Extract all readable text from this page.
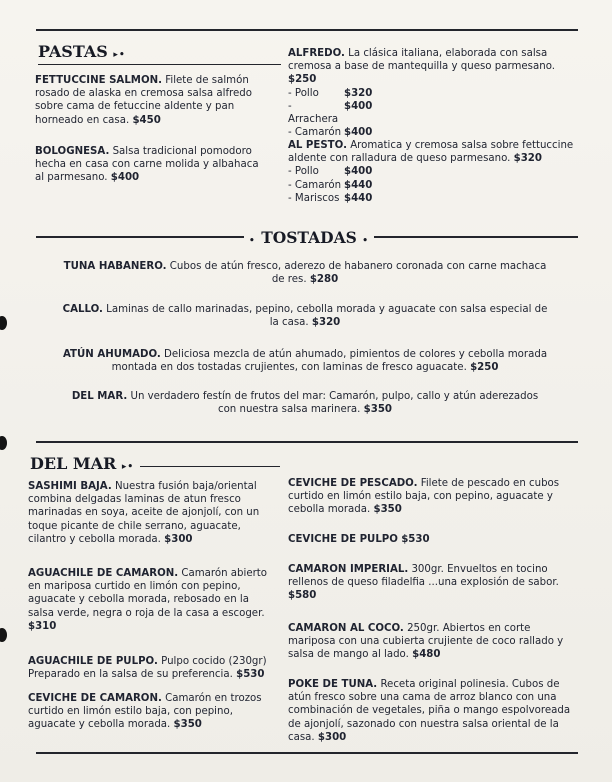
PASTAS ▸•
FETTUCCINE SALMON. Filete de salmón rosado de alaska en cremosa salsa alfredo sobre cama de fetuccine aldente y pan horneado en casa. $450
BOLOGNESA. Salsa tradicional pomodoro hecha en casa con carne molida y albahaca al parmesano. $400
ALFREDO. La clásica italiana, elaborada con salsa cremosa a base de mantequilla y queso parmesano. $250
- Pollo	$320
- Arrachera
$400
- Camarón $400
AL PESTO. Aromatica y cremosa salsa sobre fettuccine aldente con ralladura de queso parmesano. $320
- Pollo	$400
- Camarón $440
- Mariscos $440
• TOSTADAS •
TUNA HABANERO. Cubos de atún fresco, aderezo de habanero coronada con carne machaca de res. $280
CALLO. Laminas de callo marinadas, pepino, cebolla morada y aguacate con salsa especial de la casa. $320
ATÚN AHUMADO. Deliciosa mezcla de atún ahumado, pimientos de colores y cebolla morada montada en dos tostadas crujientes, con laminas de fresco aguacate. $250
DEL MAR. Un verdadero festín de frutos del mar: Camarón, pulpo, callo y atún aderezados con nuestra salsa marinera. $350
DEL MAR ▸•
SASHIMI BAJA. Nuestra fusión baja/oriental combina delgadas laminas de atun fresco marinadas en soya, aceite de ajonjolí, con un toque picante de chile serrano, aguacate, cilantro y cebolla morada. $300
AGUACHILE DE CAMARON. Camarón abierto en mariposa curtido en limón con pepino, aguacate y cebolla morada, rebosado en la salsa verde, negra o roja de la casa a escoger. $310
AGUACHILE DE PULPO. Pulpo cocido (230gr) Preparado en la salsa de su preferencia. $530
CEVICHE DE CAMARON. Camarón en trozos curtido en limón estilo baja, con pepino, aguacate y cebolla morada. $350
CEVICHE DE PESCADO. Filete de pescado en cubos curtido en limón estilo baja, con pepino, aguacate y cebolla morada. $350
CEVICHE DE PULPO $530
CAMARON IMPERIAL. 300gr. Envueltos en tocino rellenos de queso filadelfia ...una explosión de sabor. $580
CAMARON AL COCO. 250gr. Abiertos en corte mariposa con una cubierta crujiente de coco rallado y salsa de mango al lado. $480
POKE DE TUNA. Receta original polinesia. Cubos de atún fresco sobre una cama de arroz blanco con una combinación de vegetales, piña o mango espolvoreada de ajonjolí, sazonado con nuestra salsa oriental de la casa. $300
